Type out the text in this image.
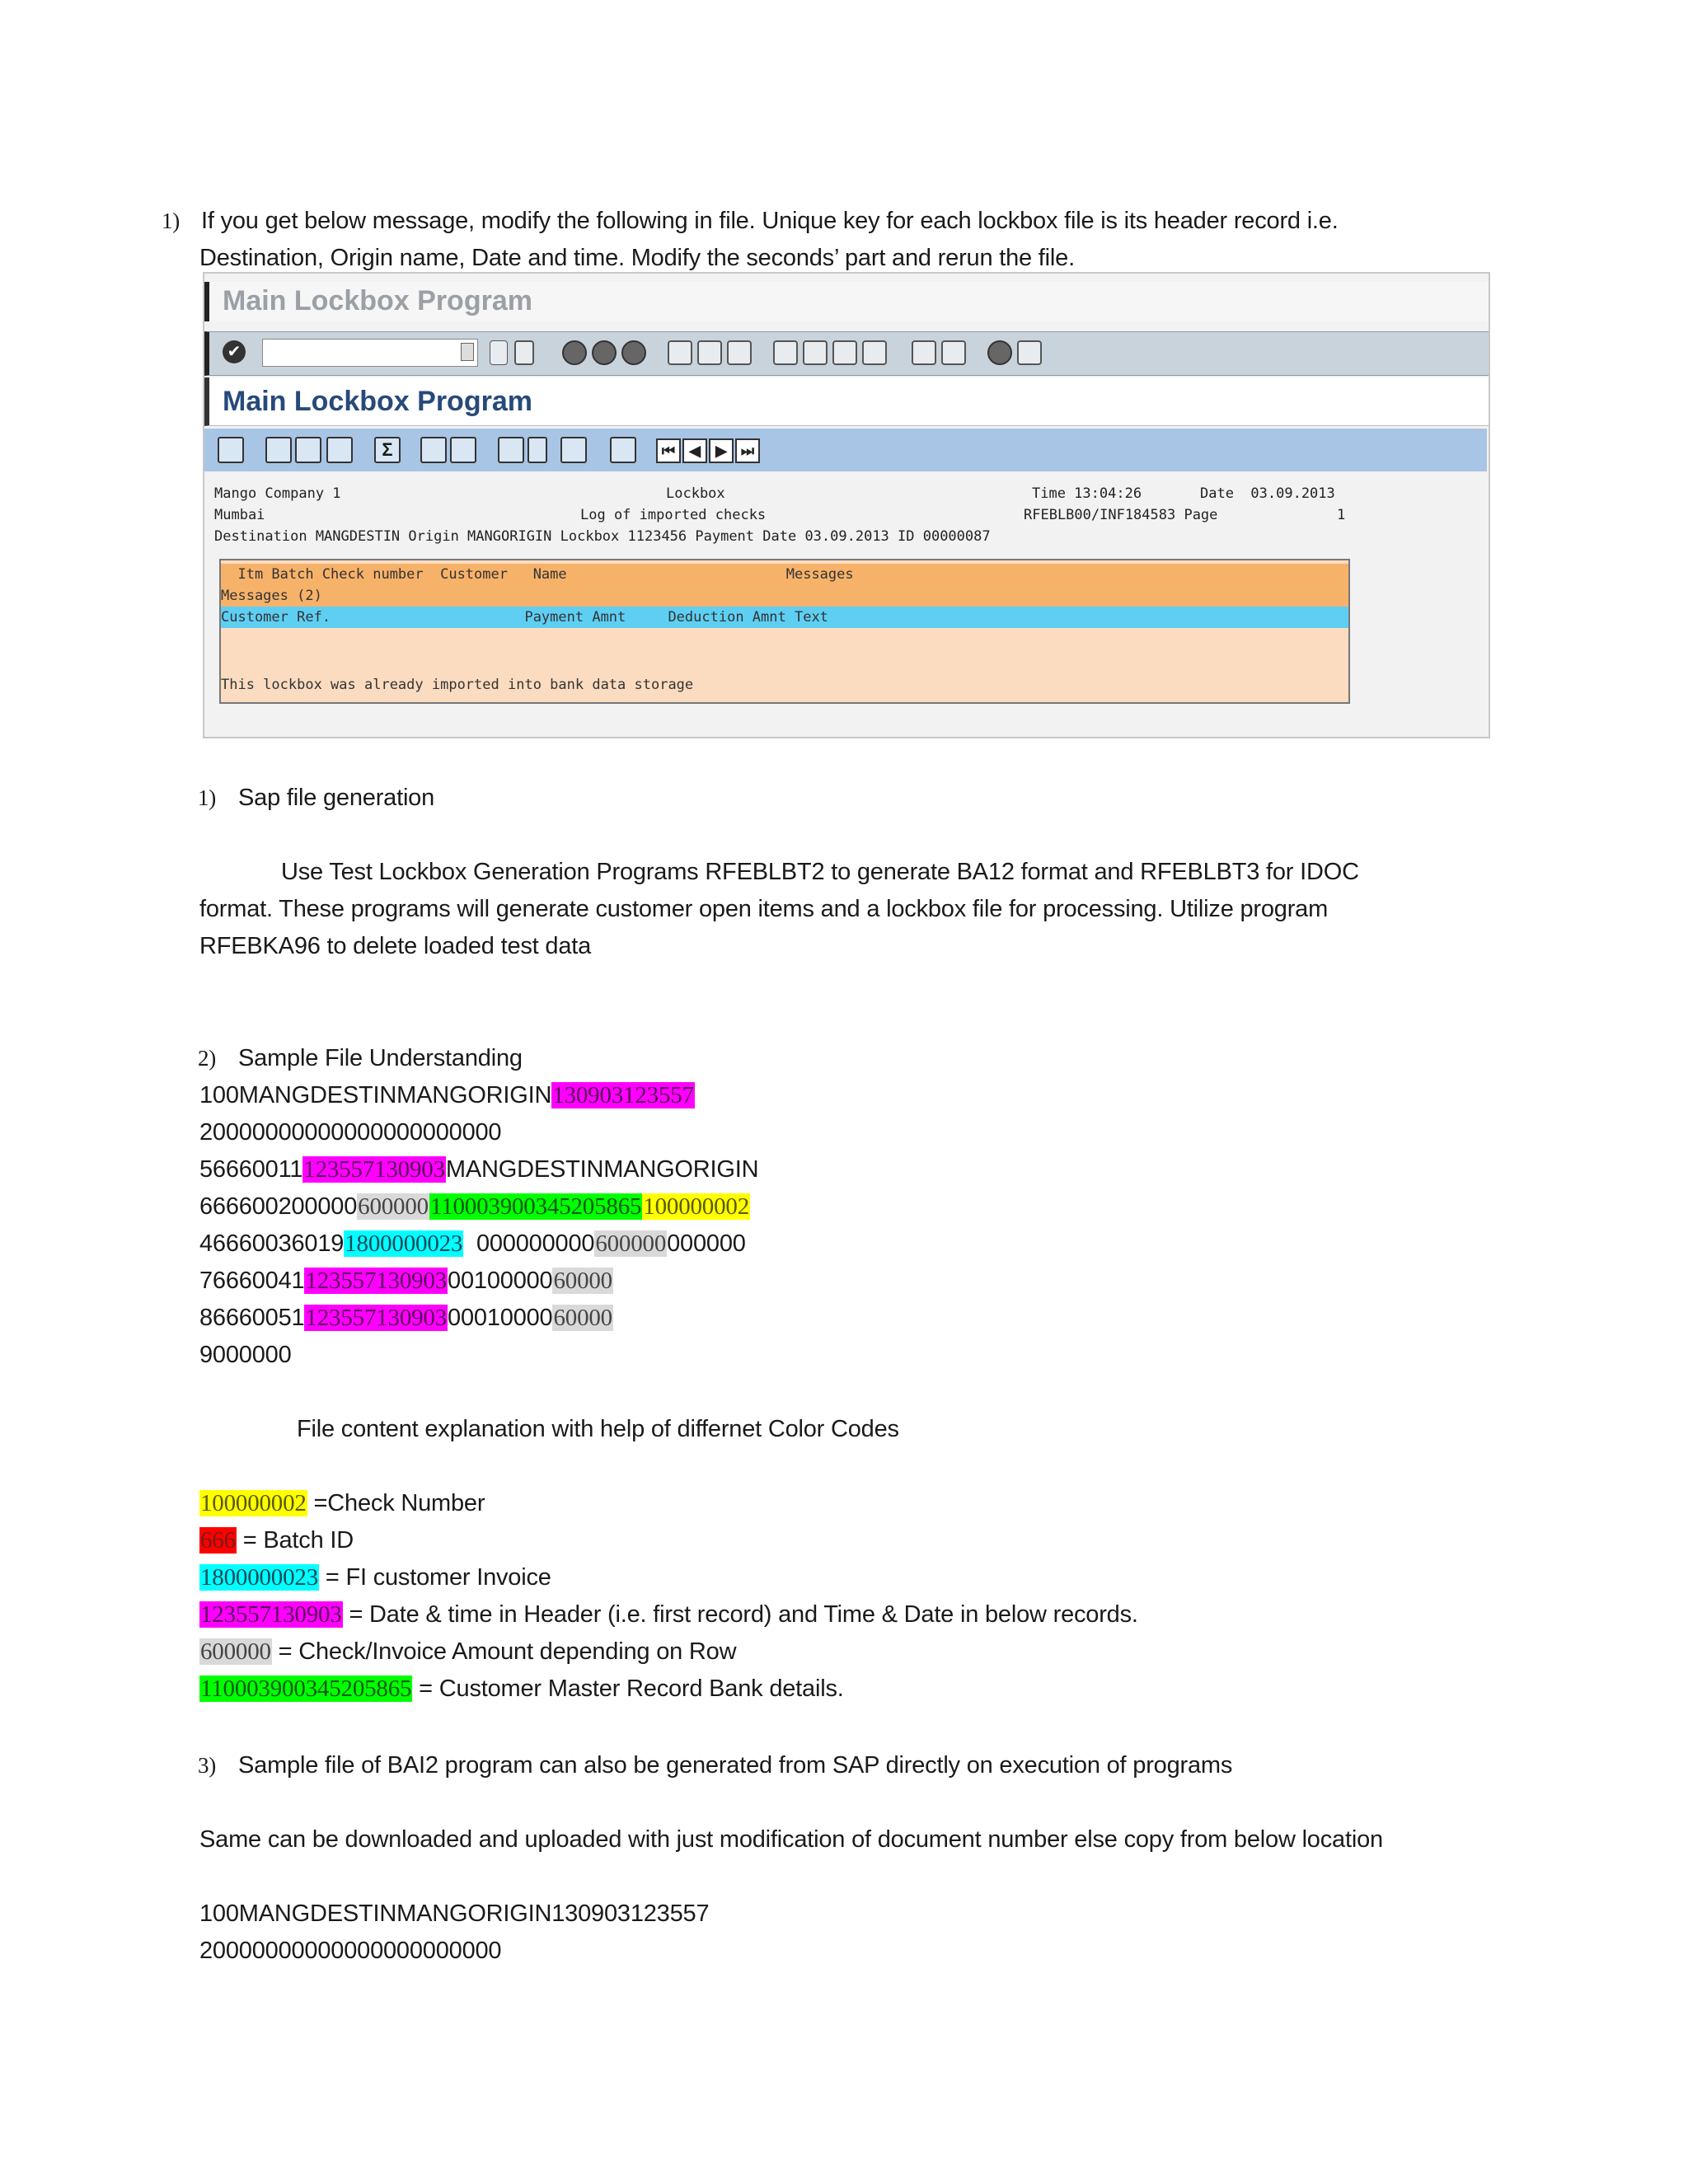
1) If you get below message, modify the following in file. Unique key for each lockbox file is its header record i.e.
Destination, Origin name, Date and time. Modify the seconds’ part and rerun the file.
Main Lockbox Program
✔
Main Lockbox Program
Σ	⏮ ◀	▶ ⏭
Mango Company 1
Mumbai
Lockbox
Log of imported checks
Time 13:04:26	Date  03.09.2013
RFEBLB00/INF184583 Page	1
Destination MANGDESTIN Origin MANGORIGIN Lockbox 1123456 Payment Date 03.09.2013 ID 00000087
Itm Batch Check number  Customer   Name                          Messages
Messages (2)
Customer Ref.                       Payment Amnt     Deduction Amnt Text
This lockbox was already imported into bank data storage
1) Sap file generation
Use Test Lockbox Generation Programs RFEBLBT2 to generate BA12 format and RFEBLBT3 for IDOC
format. These programs will generate customer open items and a lockbox file for processing. Utilize program
RFEBKA96 to delete loaded test data
2) Sample File Understanding
100MANGDESTINMANGORIGIN130903123557
20000000000000000000000
56660011123557130903MANGDESTINMANGORIGIN
666600200000600000110003900345205865100000002
466600360191800000023  000000000600000000000
766600411235571309030010000060000
866600511235571309030001000060000
9000000
File content explanation with help of differnet Color Codes
100000002 =Check Number
666 = Batch ID
1800000023 = FI customer Invoice
123557130903 = Date & time in Header (i.e. first record) and Time & Date in below records.
600000 = Check/Invoice Amount depending on Row
110003900345205865 = Customer Master Record Bank details.
3) Sample file of BAI2 program can also be generated from SAP directly on execution of programs
Same can be downloaded and uploaded with just modification of document number else copy from below location
100MANGDESTINMANGORIGIN130903123557
20000000000000000000000
